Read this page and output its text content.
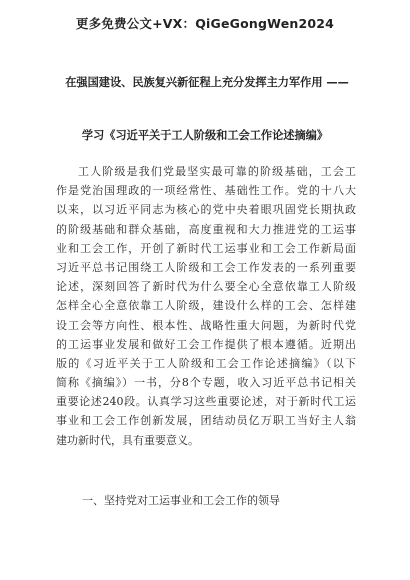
更多免费公文+VX：QiGeGongWen2024
在强国建设、民族复兴新征程上充分发挥主力军作用 ——
学习《习近平关于工人阶级和工会工作论述摘编》
工人阶级是我们党最坚实最可靠的阶级基础，工会工
作是党治国理政的一项经常性、基础性工作。党的十八大
以来，以习近平同志为核心的党中央着眼巩固党长期执政
的阶级基础和群众基础，高度重视和大力推进党的工运事
业和工会工作，开创了新时代工运事业和工会工作新局面
习近平总书记围绕工人阶级和工会工作发表的一系列重要
论述，深刻回答了新时代为什么要全心全意依靠工人阶级
怎样全心全意依靠工人阶级，建设什么样的工会、怎样建
设工会等方向性、根本性、战略性重大问题，为新时代党
的工运事业发展和做好工会工作提供了根本遵循。近期出
版的《习近平关于工人阶级和工会工作论述摘编》（以下
简称《摘编》）一书，分8个专题，收入习近平总书记相关
重要论述240段。认真学习这些重要论述，对于新时代工运
事业和工会工作创新发展，团结动员亿万职工当好主人翁
建功新时代，具有重要意义。
一、坚持党对工运事业和工会工作的领导
